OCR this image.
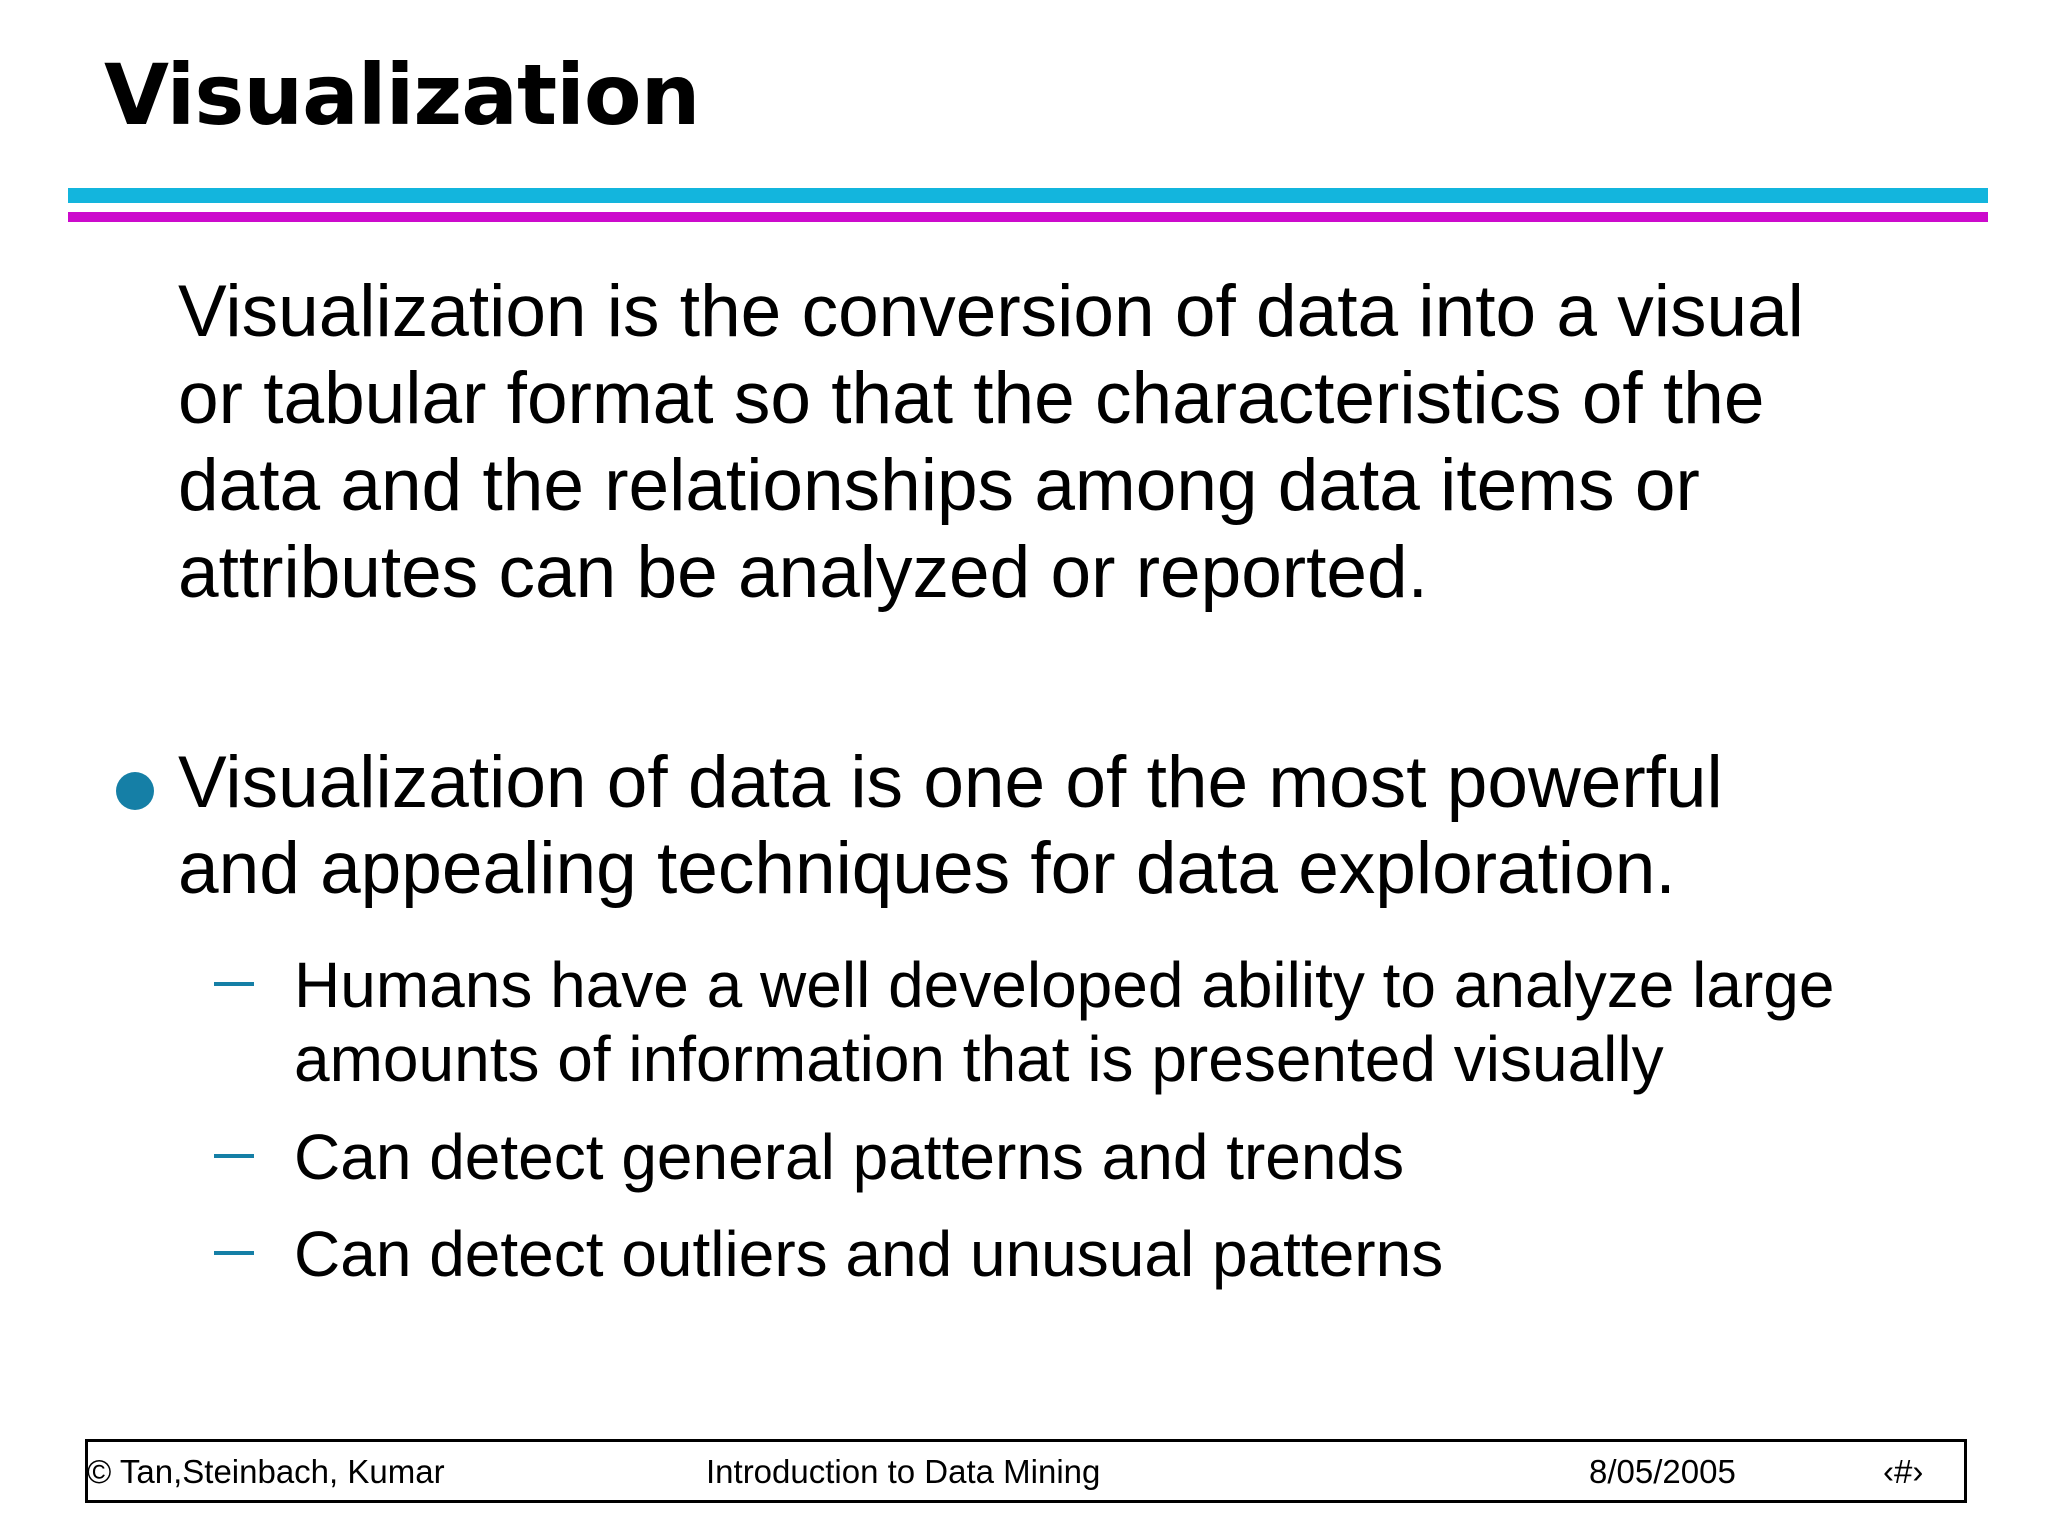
Visualization

Visualization is the conversion of data into a visual
or tabular format so that the characteristics of the
data and the relationships among data items or
attributes can be analyzed or reported.

Visualization of data is one of the most powerful
and appealing techniques for data exploration.

Humans have a well developed ability to analyze large
amounts of information that is presented visually

Can detect general patterns and trends

Can detect outliers and unusual patterns

© Tan,Steinbach, Kumar	Introduction to Data Mining	8/05/2005	‹#›
